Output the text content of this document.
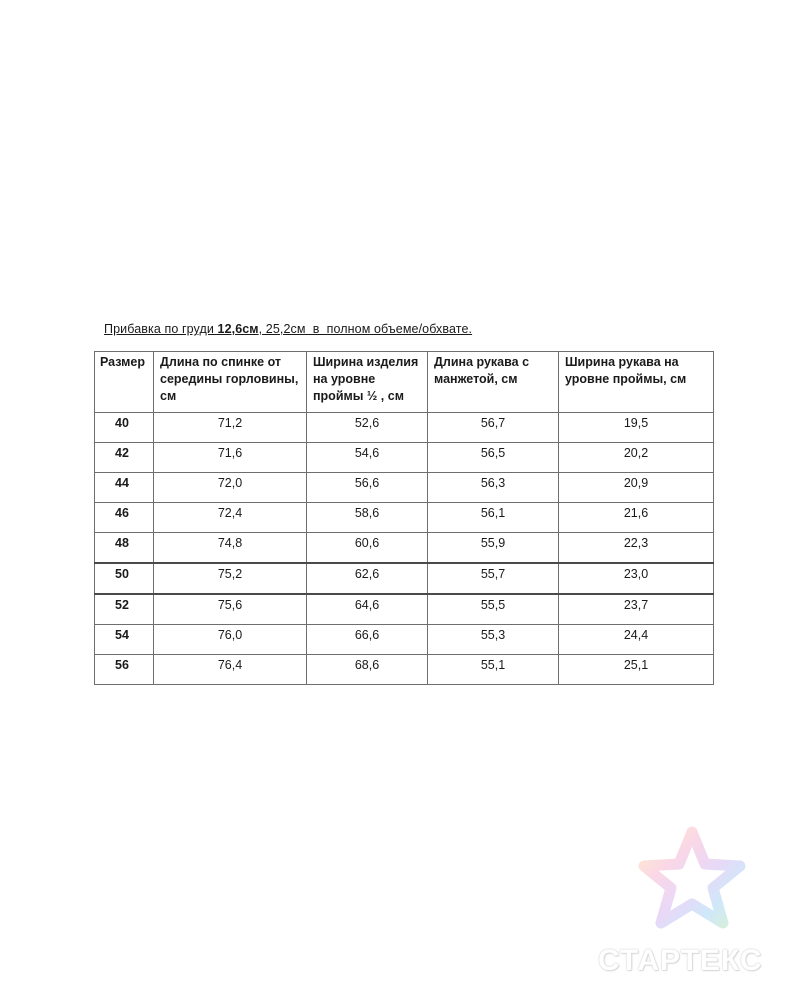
Прибавка по груди 12,6см, 25,2см  в  полном объеме/обхвате.
Размер	Длина по спинке от середины горловины, см	Ширина изделия на уровне проймы ½ , см	Длина рукава с манжетой, см	Ширина рукава на уровне проймы, см
40	71,2	52,6	56,7	19,5
42	71,6	54,6	56,5	20,2
44	72,0	56,6	56,3	20,9
46	72,4	58,6	56,1	21,6
48	74,8	60,6	55,9	22,3
50	75,2	62,6	55,7	23,0
52	75,6	64,6	55,5	23,7
54	76,0	66,6	55,3	24,4
56	76,4	68,6	55,1	25,1
СТАРТЕКС
